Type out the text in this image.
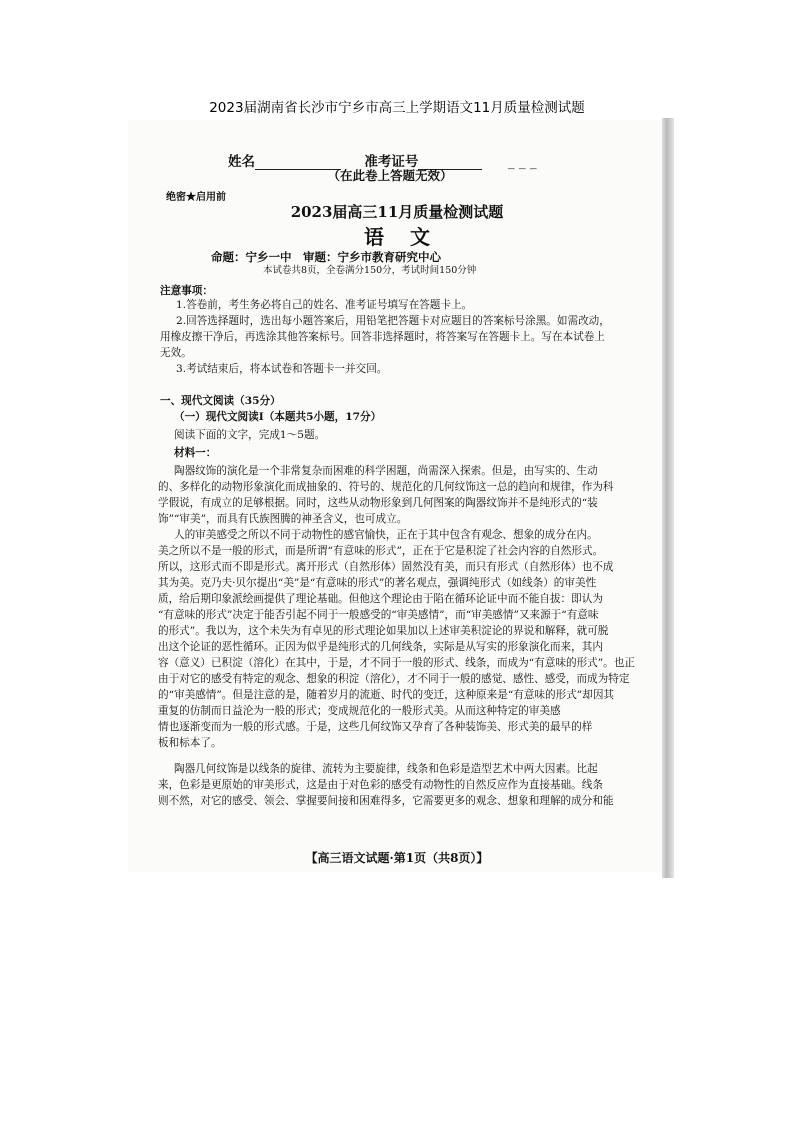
2023届湖南省长沙市宁乡市高三上学期语文11月质量检测试题
姓名	准考证号	_ _ _
（在此卷上答题无效）
绝密★启用前
2023届高三11月质量检测试题
语文
命题：宁乡一中　审题：宁乡市教育研究中心
本试卷共8页，全卷满分150分，考试时间150分钟
注意事项：
1.答卷前，考生务必将自己的姓名、准考证号填写在答题卡上。
2.回答选择题时，选出每小题答案后，用铅笔把答题卡对应题目的答案标号涂黑。如需改动，
用橡皮擦干净后，再选涂其他答案标号。回答非选择题时，将答案写在答题卡上。写在本试卷上
无效。
3.考试结束后，将本试卷和答题卡一并交回。
一、现代文阅读（35分）
（一）现代文阅读Ⅰ（本题共5小题，17分）
阅读下面的文字，完成1～5题。
材料一：
陶器纹饰的演化是一个非常复杂而困难的科学困题，尚需深入探索。但是，由写实的、生动
的、多样化的动物形象演化而成抽象的、符号的、规范化的几何纹饰这一总的趋向和规律，作为科
学假说，有成立的足够根据。同时，这些从动物形象到几何图案的陶器纹饰并不是纯形式的“装
饰”“审美”，而具有氏族图腾的神圣含义，也可成立。
人的审美感受之所以不同于动物性的感官愉快，正在于其中包含有观念、想象的成分在内。
美之所以不是一般的形式，而是所谓“有意味的形式”，正在于它是积淀了社会内容的自然形式。
所以，这形式而不即是形式。离开形式（自然形体）固然没有美，而只有形式（自然形体）也不成
其为美。克乃夫·贝尔提出“美”是“有意味的形式”的著名观点，强调纯形式（如线条）的审美性
质，给后期印象派绘画提供了理论基础。但他这个理论由于陷在循环论证中而不能自拔：即认为
“有意味的形式”决定于能否引起不同于一般感受的“审美感情”，而“审美感情”又来源于“有意味
的形式”。我以为，这个未失为有卓见的形式理论如果加以上述审美积淀论的界说和解释，就可脱
出这个论证的恶性循环。正因为似乎是纯形式的几何线条，实际是从写实的形象演化而来，其内
容（意义）已积淀（溶化）在其中，于是，才不同于一般的形式、线条，而成为“有意味的形式”。也正
由于对它的感受有特定的观念、想象的积淀（溶化），才不同于一般的感觉、感性、感受，而成为特定
的“审美感情”。但是注意的是，随着岁月的流逝、时代的变迁，这种原来是“有意味的形式”却因其
重复的仿制而日益沦为一般的形式；变成规范化的一般形式美。从而这种特定的审美感
情也逐渐变而为一般的形式感。于是，这些几何纹饰又孕育了各种装饰美、形式美的最早的样
板和标本了。
陶器几何纹饰是以线条的旋律、流转为主要旋律，线条和色彩是造型艺术中两大因素。比起
来，色彩是更原始的审美形式，这是由于对色彩的感受有动物性的自然反应作为直接基础。线条
则不然，对它的感受、领会、掌握要间接和困难得多，它需要更多的观念、想象和理解的成分和能
【高三语文试题·第1页（共8页）】
